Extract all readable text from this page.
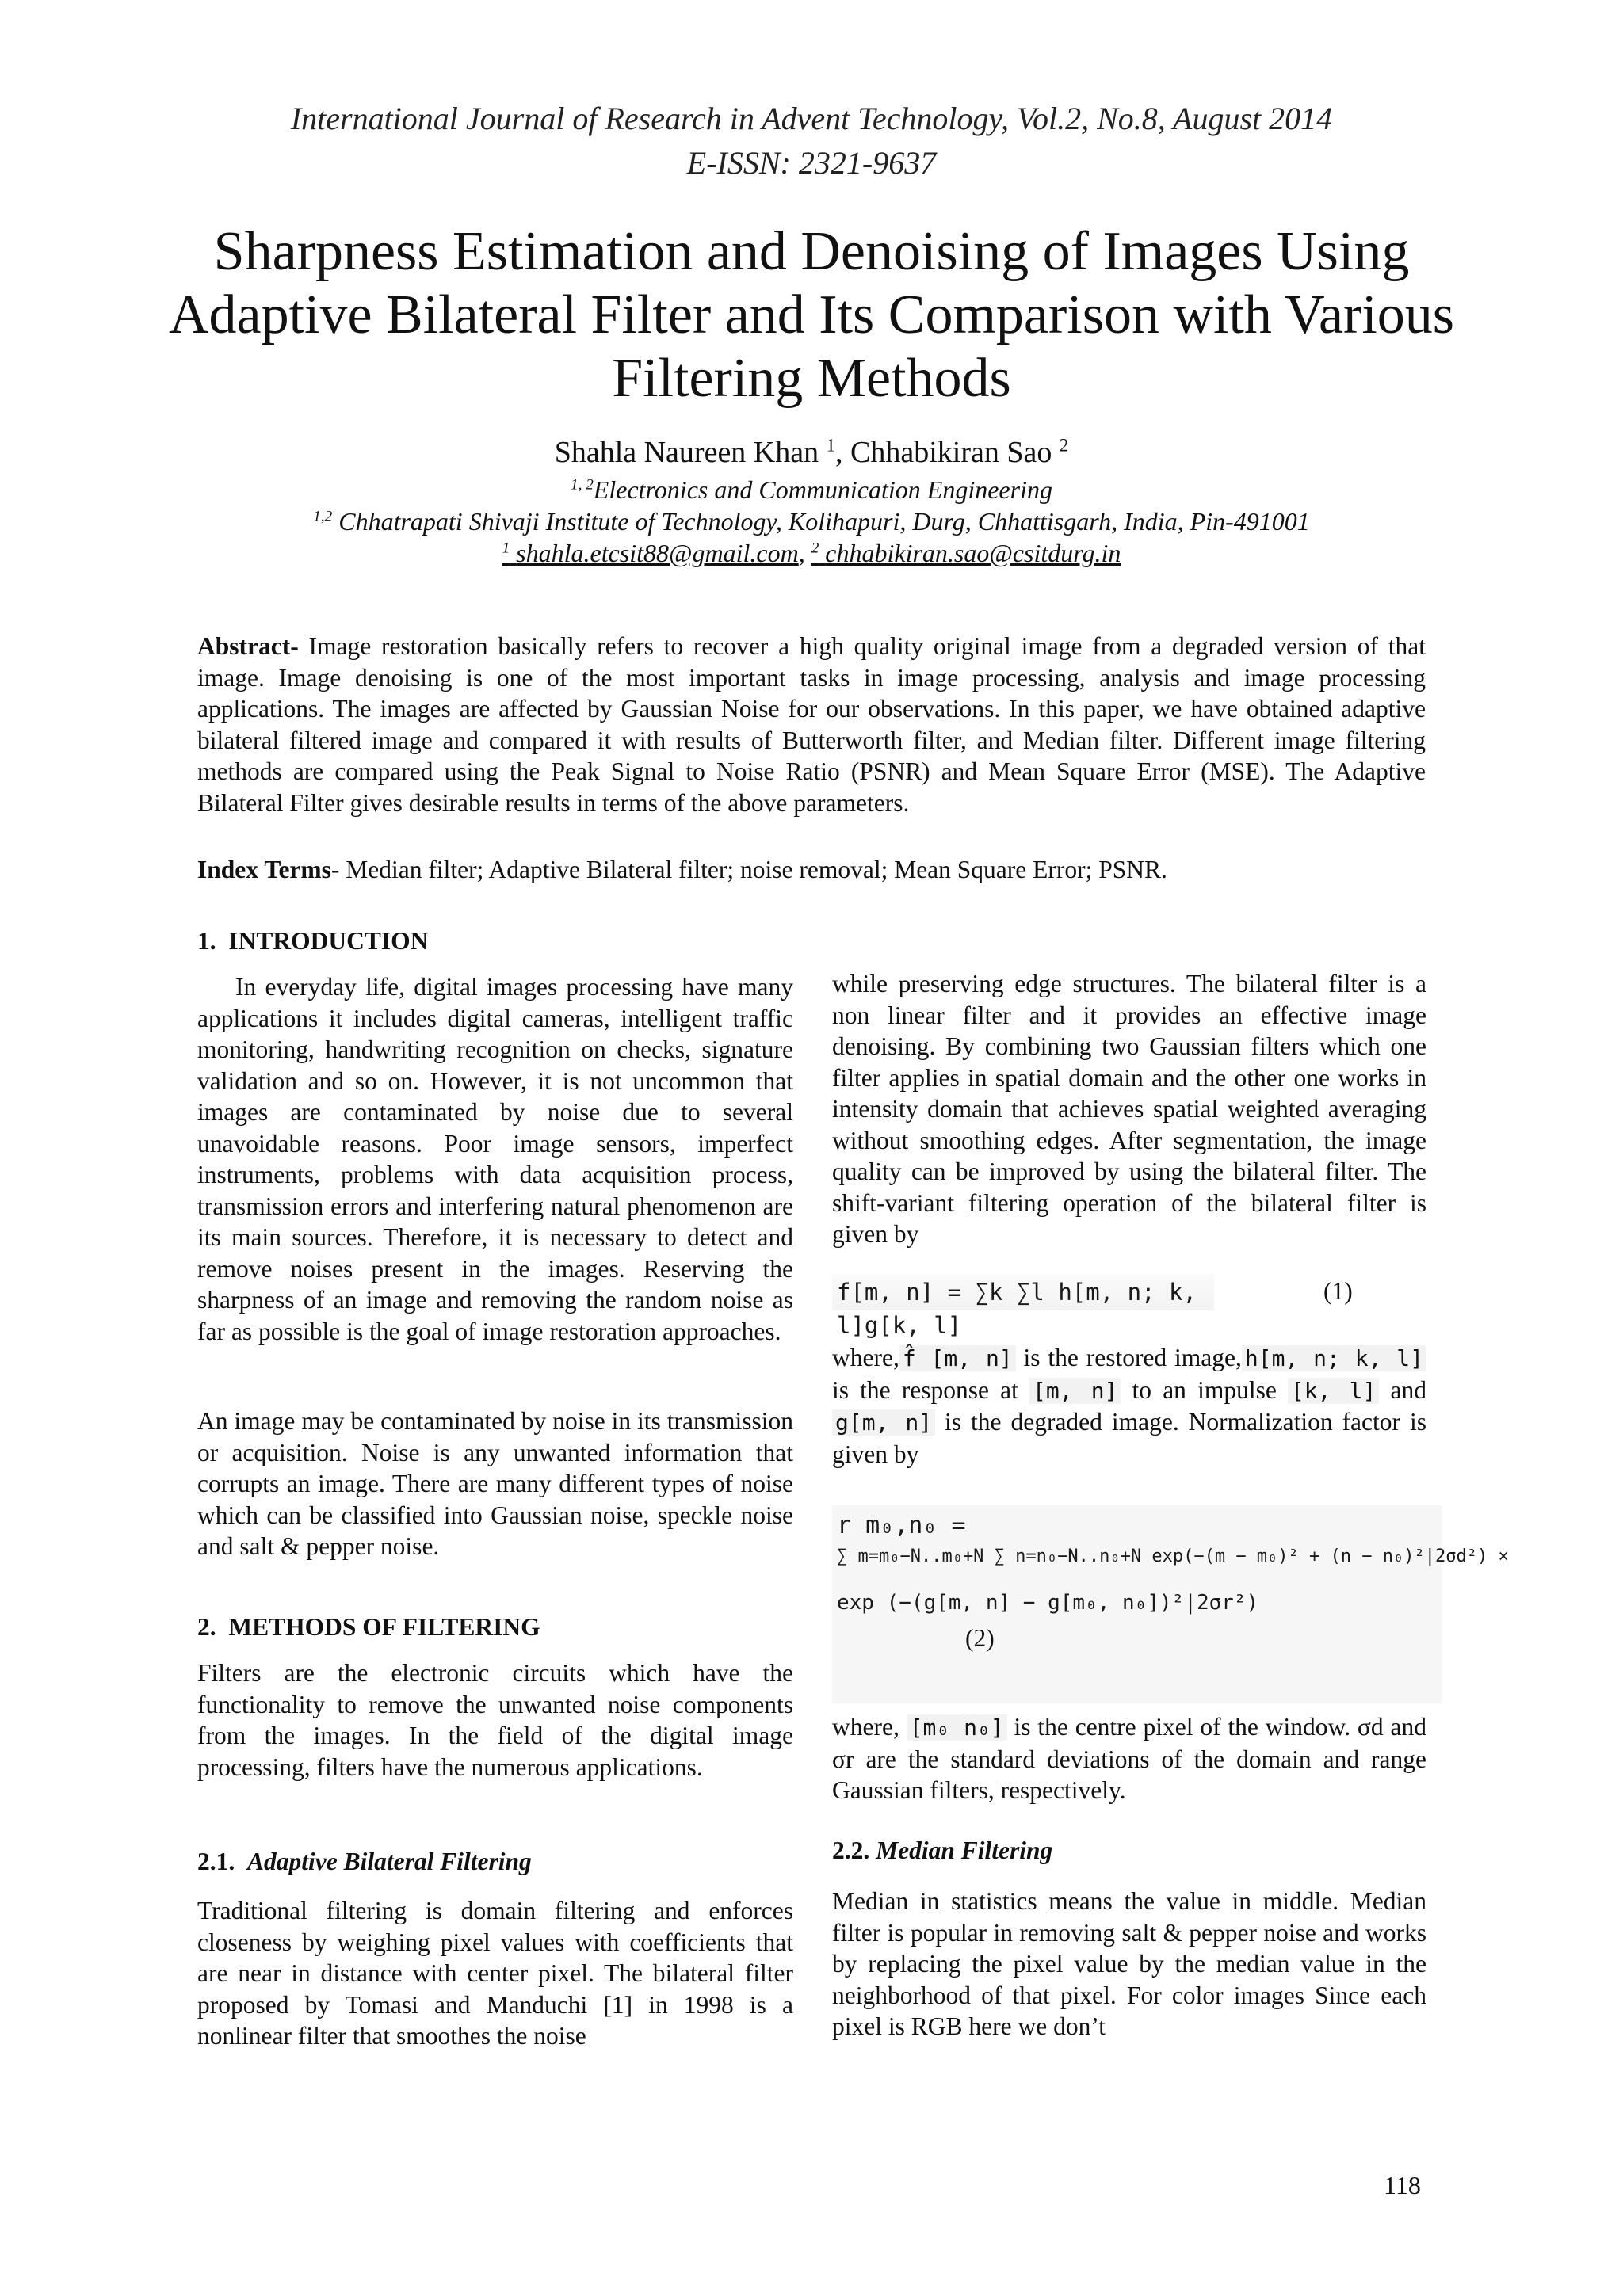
International Journal of Research in Advent Technology, Vol.2, No.8, August 2014
E-ISSN: 2321-9637
Sharpness Estimation and Denoising of Images Using Adaptive Bilateral Filter and Its Comparison with Various Filtering Methods
Shahla Naureen Khan $^1$, Chhabikiran Sao $^2$
$^{1, 2}$Electronics and Communication Engineering
$^{1,2}$ Chhatrapati Shivaji Institute of Technology, Kolihapuri, Durg, Chhattisgarh, India, Pin-491001
$^1$ shahla.etcsit88@gmail.com, $^2$ chhabikiran.sao@csitdurg.in

Abstract- Image restoration basically refers to recover a high quality original image from a degraded version of that image. Image denoising is one of the most important tasks in image processing, analysis and image processing applications. The images are affected by Gaussian Noise for our observations. In this paper, we have obtained adaptive bilateral filtered image and compared it with results of Butterworth filter, and Median filter. Different image filtering methods are compared using the Peak Signal to Noise Ratio (PSNR) and Mean Square Error (MSE). The Adaptive Bilateral Filter gives desirable results in terms of the above parameters.

Index Terms- Median filter; Adaptive Bilateral filter; noise removal; Mean Square Error; PSNR.

1.  INTRODUCTION

In everyday life, digital images processing have many applications it includes digital cameras, intelligent traffic monitoring, handwriting recognition on checks, signature validation and so on. However, it is not uncommon that images are contaminated by noise due to several unavoidable reasons. Poor image sensors, imperfect instruments, problems with data acquisition process, transmission errors and interfering natural phenomenon are its main sources. Therefore, it is necessary to detect and remove noises present in the images. Reserving the sharpness of an image and removing the random noise as far as possible is the goal of image restoration approaches.

An image may be contaminated by noise in its transmission or acquisition. Noise is any unwanted information that corrupts an image. There are many different types of noise which can be classified into Gaussian noise, speckle noise and salt & pepper noise.

2.  METHODS OF FILTERING

Filters are the electronic circuits which have the functionality to remove the unwanted noise components from the images. In the field of the digital image processing, filters have the numerous applications.

2.1. Adaptive Bilateral Filtering

Traditional filtering is domain filtering and enforces closeness by weighing pixel values with coefficients that are near in distance with center pixel. The bilateral filter proposed by Tomasi and Manduchi [1] in 1998 is a nonlinear filter that smoothes the noise

while preserving edge structures. The bilateral filter is a non linear filter and it provides an effective image denoising. By combining two Gaussian filters which one filter applies in spatial domain and the other one works in intensity domain that achieves spatial weighted averaging without smoothing edges. After segmentation, the image quality can be improved by using the bilateral filter. The shift-variant filtering operation of the bilateral filter is given by

f[m, n] = ∑k ∑l h[m, n; k, l]g[k, l]
(1)

where, f̂ [m, n] is the restored image, h[m, n; k, l] is the response at [m, n] to an impulse [k, l] and g[m, n] is the degraded image. Normalization factor is given by

r m₀,n₀ =
∑ m=m₀−N..m₀+N ∑ n=n₀−N..n₀+N exp(−(m − m₀)² + (n − n₀)²|2σd²) ×
exp (−(g[m, n] − g[m₀, n₀])²|2σr²)
(2)

where, [m₀ n₀] is the centre pixel of the window. σd and σr are the standard deviations of the domain and range Gaussian filters, respectively.

2.2. Median Filtering

Median in statistics means the value in middle. Median filter is popular in removing salt & pepper noise and works by replacing the pixel value by the median value in the neighborhood of that pixel. For color images Since each pixel is RGB here we don’t

118
